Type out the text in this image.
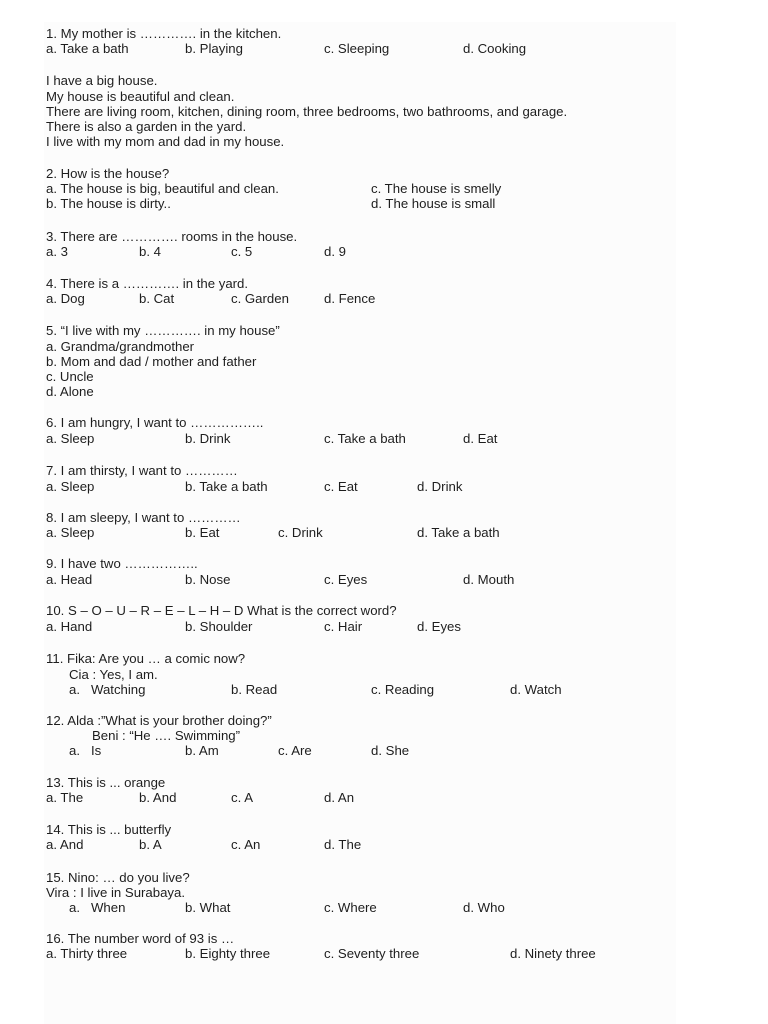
1. My mother is …………. in the kitchen.
a. Take a bath	b. Playing	c. Sleeping	d. Cooking
I have a big house.
My house is beautiful and clean.
There are living room, kitchen, dining room, three bedrooms, two bathrooms, and garage.
There is also a garden in the yard.
I live with my mom and dad in my house.
2. How is the house?
a. The house is big, beautiful and clean.	c. The house is smelly
b. The house is dirty..	d. The house is small
3. There are …………. rooms in the house.
a. 3	b. 4	c. 5	d. 9
4. There is a …………. in the yard.
a. Dog	b. Cat	c. Garden	d. Fence
5. “I live with my …………. in my house”
a. Grandma/grandmother
b. Mom and dad / mother and father
c. Uncle
d. Alone
6. I am hungry, I want to ……………..
a. Sleep	b. Drink	c. Take a bath	d. Eat
7. I am thirsty, I want to …………
a. Sleep	b. Take a bath	c. Eat	d. Drink
8. I am sleepy, I want to …………
a. Sleep	b. Eat	c. Drink	d. Take a bath
9. I have two ……………..
a. Head	b. Nose	c. Eyes	d. Mouth
10. S – O – U – R – E – L – H – D What is the correct word?
a. Hand	b. Shoulder	c. Hair	d. Eyes
11. Fika: Are you … a comic now?
Cia : Yes, I am.
a.   Watching	b. Read	c. Reading	d. Watch
12. Alda :”What is your brother doing?”
Beni : “He …. Swimming”
a.   Is	b. Am	c. Are	d. She
13. This is ... orange
a. The	b. And	c. A	d. An
14. This is ... butterfly
a. And	b. A	c. An	d. The
15. Nino: … do you live?
Vira : I live in Surabaya.
a.   When	b. What	c. Where	d. Who
16. The number word of 93 is …
a. Thirty three	b. Eighty three	c. Seventy three	d. Ninety three
